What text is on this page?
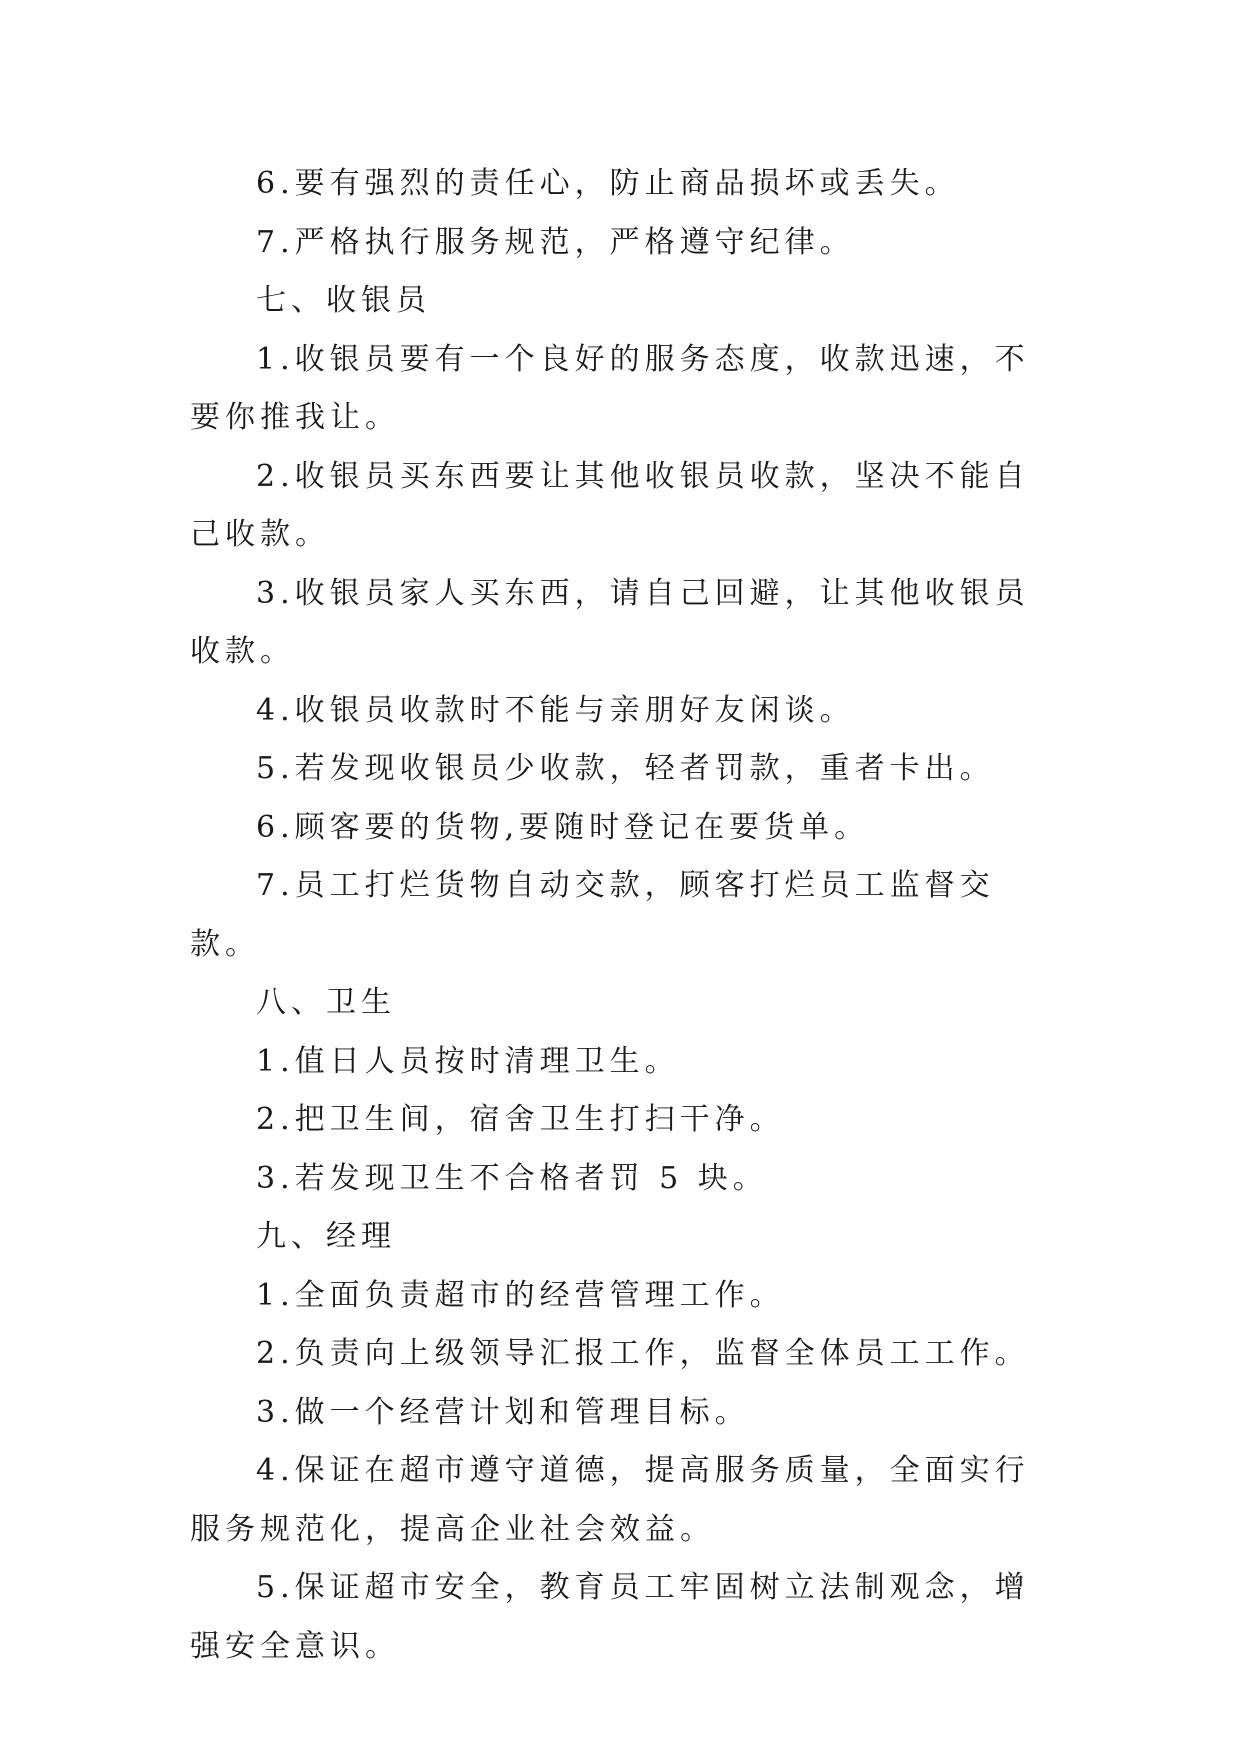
6.要有强烈的责任心，防止商品损坏或丢失。

7.严格执行服务规范，严格遵守纪律。

七、收银员

1.收银员要有一个良好的服务态度，收款迅速，不要你推我让。

2.收银员买东西要让其他收银员收款，坚决不能自己收款。

3.收银员家人买东西，请自己回避，让其他收银员收款。

4.收银员收款时不能与亲朋好友闲谈。

5.若发现收银员少收款，轻者罚款，重者卡出。

6.顾客要的货物,要随时登记在要货单。

7.员工打烂货物自动交款，顾客打烂员工监督交款。

八、卫生

1.值日人员按时清理卫生。

2.把卫生间，宿舍卫生打扫干净。

3.若发现卫生不合格者罚 5 块。

九、经理

1.全面负责超市的经营管理工作。

2.负责向上级领导汇报工作，监督全体员工工作。

3.做一个经营计划和管理目标。

4.保证在超市遵守道德，提高服务质量，全面实行服务规范化，提高企业社会效益。

5.保证超市安全，教育员工牢固树立法制观念，增强安全意识。
